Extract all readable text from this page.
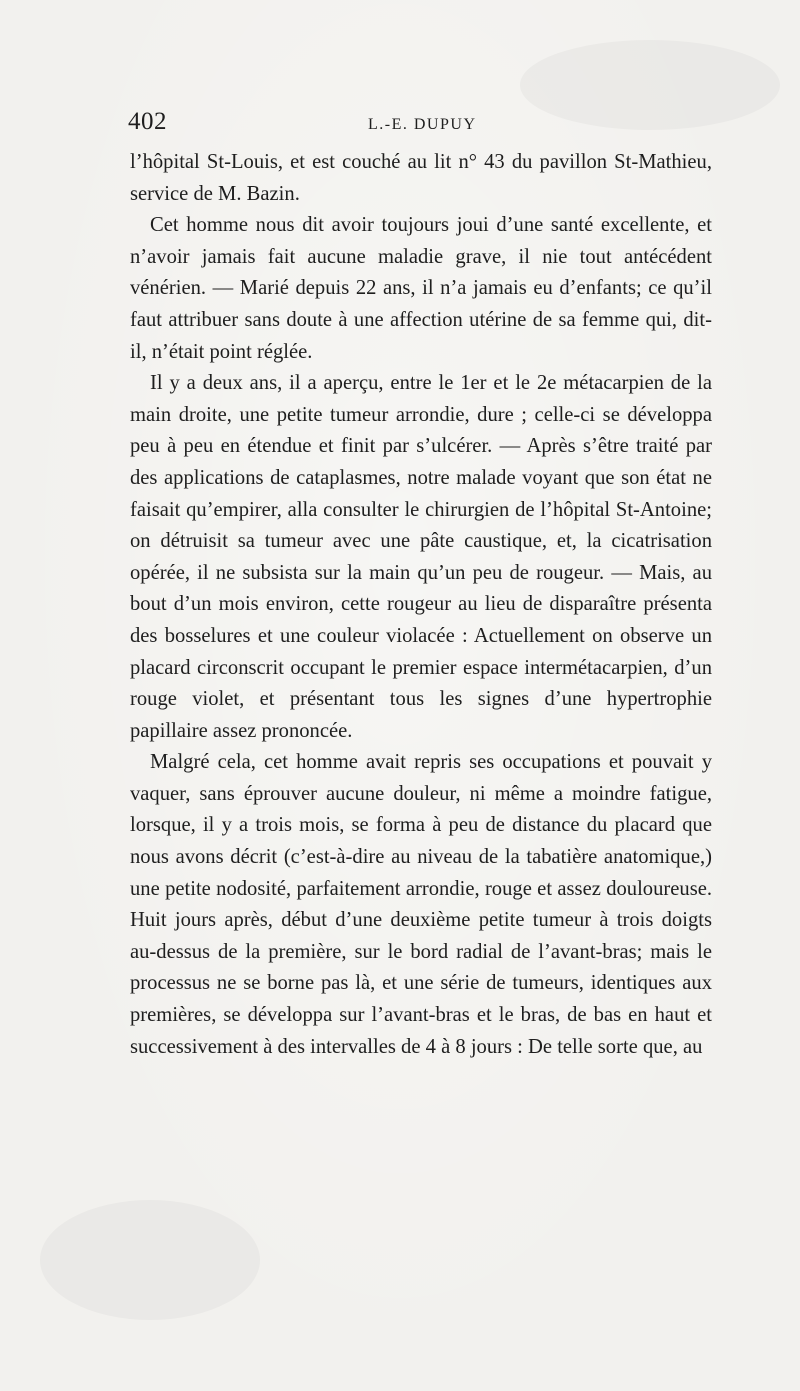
402	L.-E. DUPUY

l’hôpital St-Louis, et est couché au lit n° 43 du pavillon St-Mathieu, service de M. Bazin.

Cet homme nous dit avoir toujours joui d’une santé excellente, et n’avoir jamais fait aucune maladie grave, il nie tout antécédent vénérien. — Marié depuis 22 ans, il n’a jamais eu d’enfants; ce qu’il faut attribuer sans doute à une affection utérine de sa femme qui, dit-il, n’était point réglée.

Il y a deux ans, il a aperçu, entre le 1er et le 2e métacarpien de la main droite, une petite tumeur arrondie, dure ; celle-ci se développa peu à peu en étendue et finit par s’ulcérer. — Après s’être traité par des applications de cataplasmes, notre malade voyant que son état ne faisait qu’empirer, alla consulter le chirurgien de l’hôpital St-Antoine; on détruisit sa tumeur avec une pâte caustique, et, la cicatrisation opérée, il ne subsista sur la main qu’un peu de rougeur. — Mais, au bout d’un mois environ, cette rougeur au lieu de disparaître présenta des bosselures et une couleur violacée : Actuellement on observe un placard circonscrit occupant le premier espace intermétacarpien, d’un rouge violet, et présentant tous les signes d’une hypertrophie papillaire assez prononcée.

Malgré cela, cet homme avait repris ses occupations et pouvait y vaquer, sans éprouver aucune douleur, ni même a moindre fatigue, lorsque, il y a trois mois, se forma à peu de distance du placard que nous avons décrit (c’est-à-dire au niveau de la tabatière anatomique,) une petite nodosité, parfaitement arrondie, rouge et assez douloureuse. Huit jours après, début d’une deuxième petite tumeur à trois doigts au-dessus de la première, sur le bord radial de l’avant-bras; mais le processus ne se borne pas là, et une série de tumeurs, identiques aux premières, se développa sur l’avant-bras et le bras, de bas en haut et successivement à des intervalles de 4 à 8 jours : De telle sorte que, au
